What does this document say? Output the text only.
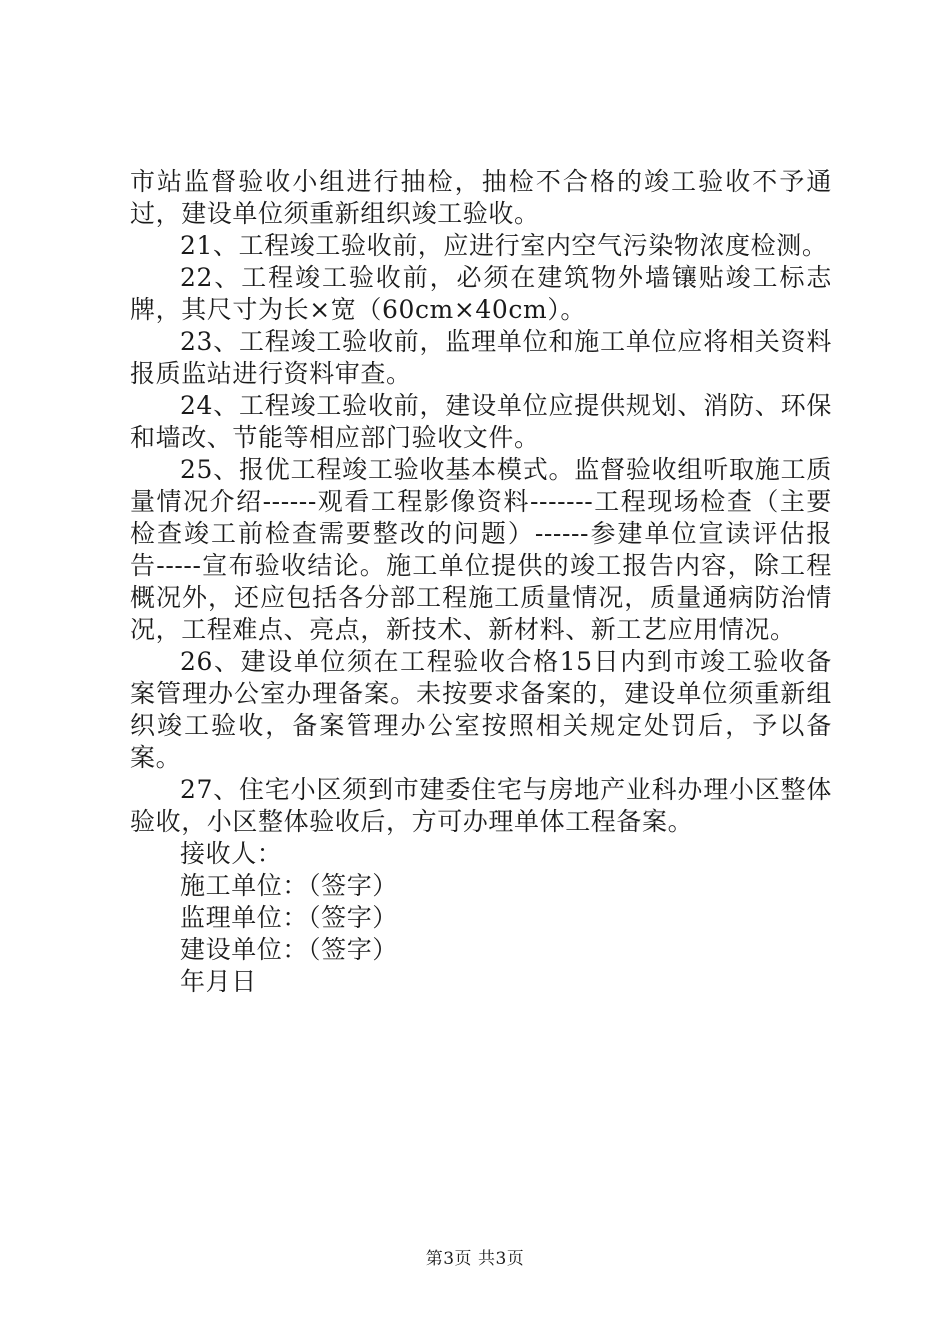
市站监督验收小组进行抽检，抽检不合格的竣工验收不予通过，建设单位须重新组织竣工验收。

21、工程竣工验收前，应进行室内空气污染物浓度检测。

22、工程竣工验收前，必须在建筑物外墙镶贴竣工标志牌，其尺寸为长×宽（60cm×40cm）。

23、工程竣工验收前，监理单位和施工单位应将相关资料报质监站进行资料审查。

24、工程竣工验收前，建设单位应提供规划、消防、环保和墙改、节能等相应部门验收文件。

25、报优工程竣工验收基本模式。监督验收组听取施工质量情况介绍------观看工程影像资料-------工程现场检查（主要检查竣工前检查需要整改的问题）------参建单位宣读评估报告-----宣布验收结论。施工单位提供的竣工报告内容，除工程概况外，还应包括各分部工程施工质量情况，质量通病防治情况，工程难点、亮点，新技术、新材料、新工艺应用情况。

26、建设单位须在工程验收合格15日内到市竣工验收备案管理办公室办理备案。未按要求备案的，建设单位须重新组织竣工验收，备案管理办公室按照相关规定处罚后，予以备案。

27、住宅小区须到市建委住宅与房地产业科办理小区整体验收，小区整体验收后，方可办理单体工程备案。

接收人：

施工单位：（签字）

监理单位：（签字）

建设单位：（签字）

年月日

第3页 共3页
